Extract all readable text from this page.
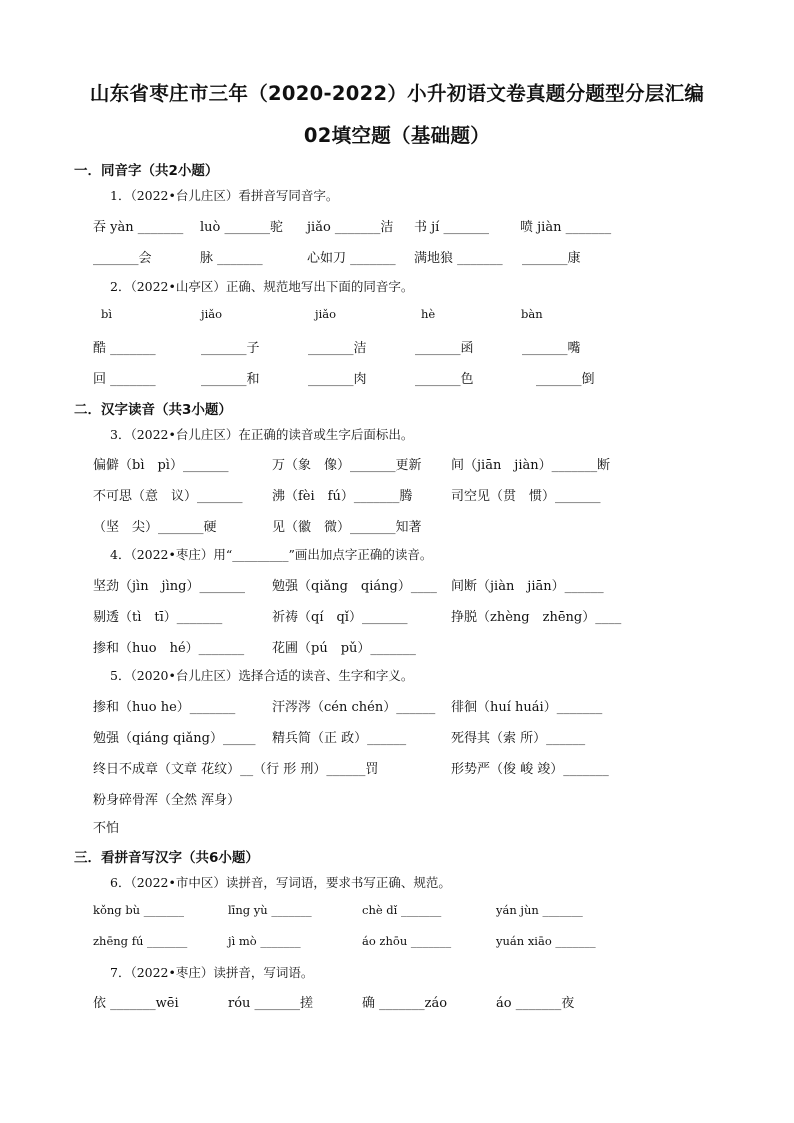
山东省枣庄市三年（2020-2022）小升初语文卷真题分题型分层汇编
02填空题（基础题）
一．同音字（共2小题）
1．（2022•台儿庄区）看拼音写同音字。
吞 yàn _______ luò _______驼 jiǎo _______洁 书 jí _______ 喷 jiàn _______
_______会	脉 _______	心如刀 _______ 满地狼 _______ _______康
2．（2022•山亭区）正确、规范地写出下面的同音字。
bì	jiǎo	jiǎo	hè	bàn
酷 _______	_______子	_______洁	_______函	_______嘴
回 _______	_______和	_______肉	_______色	_______倒
二．汉字读音（共3小题）
3．（2022•台儿庄区）在正确的读音或生字后面标出。
偏僻（bì　pì）_______	万（象　像）_______更新 间（jiān　jiàn）_______断
不可思（意　议）_______ 沸（fèi　fú）_______腾	司空见（贯　惯）_______
（坚　尖）_______硬	见（徽　微）_______知著
4．（2022•枣庄）用“_________”画出加点字正确的读音。
坚劲（jìn　jìng）_______ 勉强（qiǎng　qiáng）____ 间断（jiàn　jiān）______
剔透（tì　tī）_______	祈祷（qí　qǐ）_______	挣脱（zhèng　zhēng）____
掺和（huo　hé）_______ 花圃（pú　pǔ）_______
5．（2020•台儿庄区）选择合适的读音、生字和字义。
掺和（huo he）_______	汗涔涔（cén chén）______ 徘徊（huí huái）_______
勉强（qiáng qiǎng）_____ 精兵简（正 政）______	死得其（索 所）______
终日不成章（文章 花纹）__（行 形 刑）______罚	形势严（俊 峻 竣）_______
粉身碎骨浑（全然 浑身）
不怕
三．看拼音写汉字（共6小题）
6．（2022•市中区）读拼音，写词语，要求书写正确、规范。
kǒng bù _______	līng yù _______	chè dǐ _______	yán jùn _______
zhēng fú _______	jì mò _______	áo zhōu _______	yuán xiāo _______
7．（2022•枣庄）读拼音，写词语。
依 _______wēi	róu _______搓	确 _______záo	áo _______夜
